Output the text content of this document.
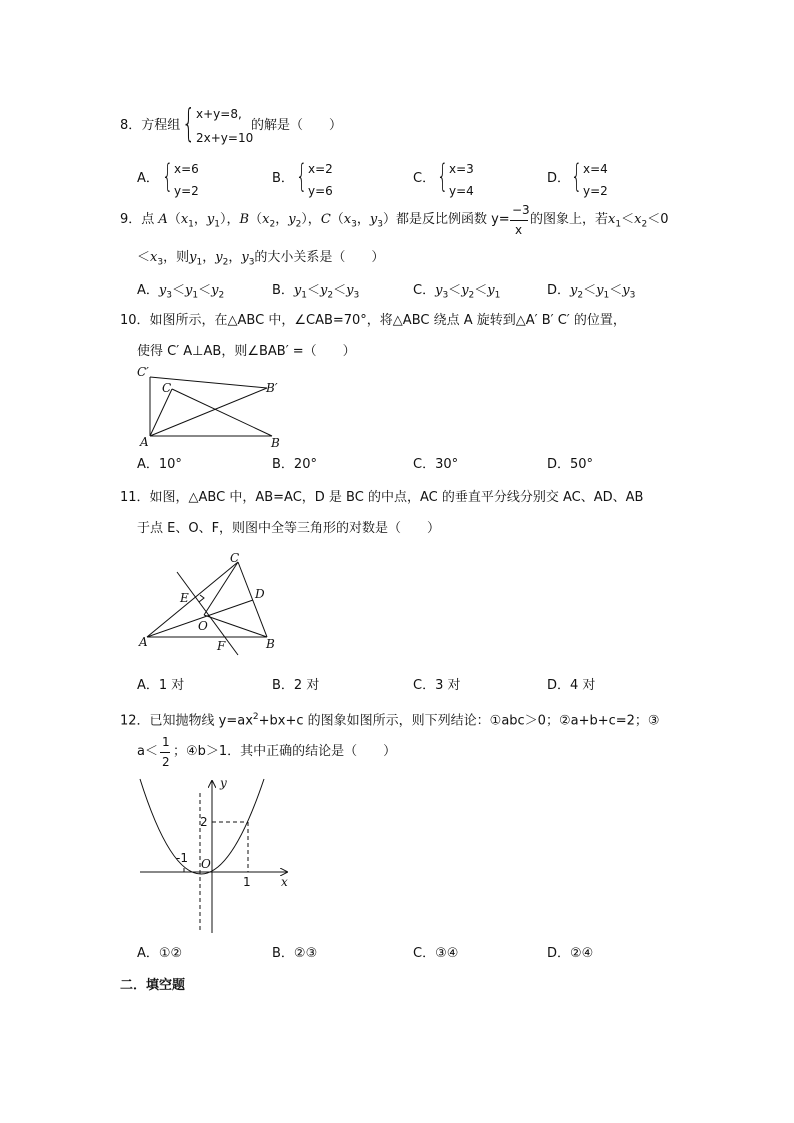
8．方程组 { x+y=8,
2x+y=10
的解是（　　）
A． { x=6
y=2
B． { x=2
y=6
C． { x=3
y=4
D． { x=4
y=2
9．点 $A(x_1$，$y_1$），$B(x_2$，$y_2$），$C(x_3$，$y_3$）都是反比例函数 y=
−3
x
的图象上，若$x_1<x_2<0$
$<x_3$，则$y_1$，$y_2$，$y_3$的大小关系是（　　）
A．$y_3<y_1<y_2$	B．$y_1<y_2<y_3$	C．$y_3<y_2<y_1$	D．$y_2<y_1<y_3$
10．如图所示，在△ABC 中，∠CAB=70°，将△ABC 绕点 A 旋转到△A′ B′ C′ 的位置，
使得 C′ A⊥AB，则∠BAB′ =（　　）
C′
C	B′
A	B
A．10°	B．20°	C．30°	D．50°
11．如图，△ABC 中，AB=AC，D 是 BC 的中点，AC 的垂直平分线分别交 AC、AD、AB
于点 E、O、F，则图中全等三角形的对数是（　　）
C
D
E
O
A	F	B
A．1 对	B．2 对	C．3 对	D．4 对
12．已知抛物线 $y=ax^2+bx+c$ 的图象如图所示，则下列结论：①abc＞0；②a+b+c=2；③
a＜
1
2
；④b＞1．其中正确的结论是（　　）
y
2
-1 O
1	x
A．①②	B．②③	C．③④	D．②④
二．填空题
